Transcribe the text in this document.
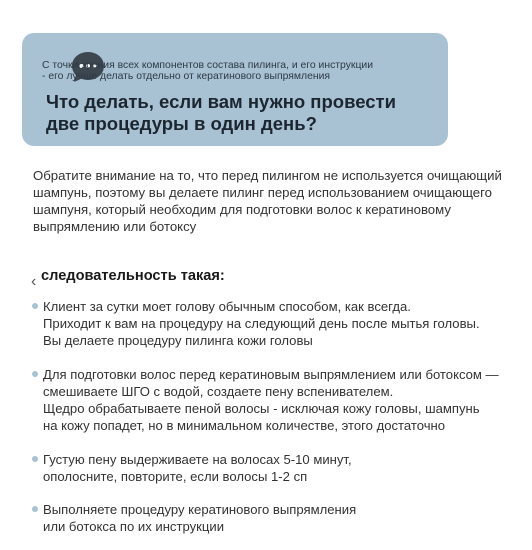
С точки зрения всех компонентов состава пилинга, и его инструкции
- его лучше делать отдельно от кератинового выпрямления
Что делать, если вам нужно провести
две процедуры в один день?
Обратите внимание на то, что перед пилингом не используется очищающий шампунь, поэтому вы делаете пилинг перед использованием очищающего шампуня, который необходим для подготовки волос к кератиновому выпрямлению или ботоксу
‹ следовательность такая:
Клиент за сутки моет голову обычным способом, как всегда.
Приходит к вам на процедуру на следующий день после мытья головы.
Вы делаете процедуру пилинга кожи головы
Для подготовки волос перед кератиновым выпрямлением или ботоксом —
смешиваете ШГО с водой, создаете пену вспенивателем.
Щедро обрабатываете пеной волосы - исключая кожу головы, шампунь
на кожу попадет, но в минимальном количестве, этого достаточно
Густую пену выдерживаете на волосах 5-10 минут,
ополосните, повторите, если волосы 1-2 сп
Выполняете процедуру кератинового выпрямления
или ботокса по их инструкции
